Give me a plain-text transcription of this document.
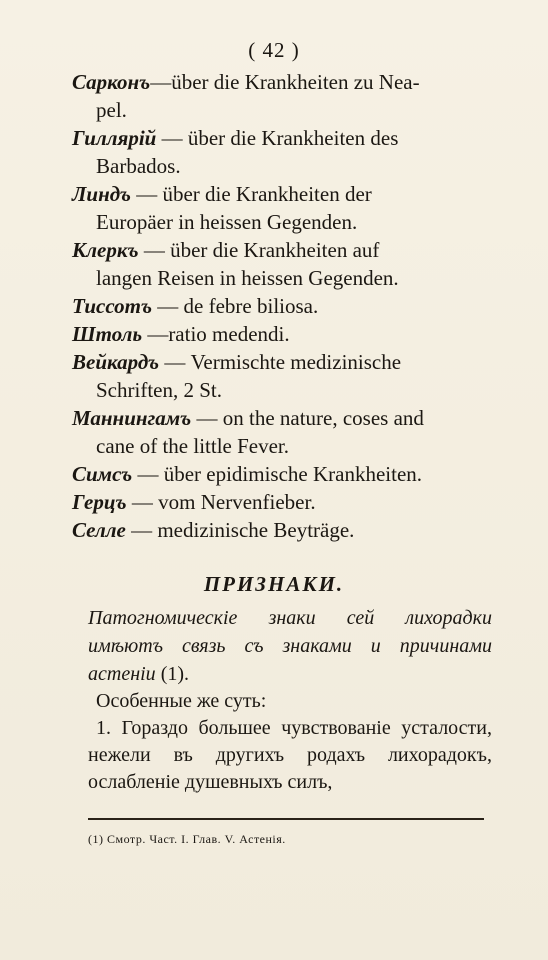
( 42 )
Сарконъ—über die Krankheiten zu Nea-
pel.
Гиллярiй — über die Krankheiten des
Barbados.
Линдъ — über die Krankheiten der
Europäer in heissen Gegenden.
Клеркъ — über die Krankheiten auf
langen Reisen in heissen Gegenden.
Тиссотъ — de febre biliosa.
Штоль —ratio medendi.
Вейкардъ — Vermischte medizinische
Schriften, 2 St.
Маннингамъ — on the nature, coses and
cane of the little Fever.
Симсъ — über epidimische Krankheiten.
Герцъ — vom Nervenfieber.
Селле — medizinische Beyträge.
ПРИЗНАКИ.
Патогномическiе знаки сей лихорадки имѣютъ связь съ знаками и причинами астенiи (1).
Особенные же суть:
1. Гораздо большее чувствованiе усталости, нежели въ другихъ родахъ лихорадокъ, ослабленiе душевныхъ силъ,
(1) Смотр. Част. I. Глав. V. Астенiя.
